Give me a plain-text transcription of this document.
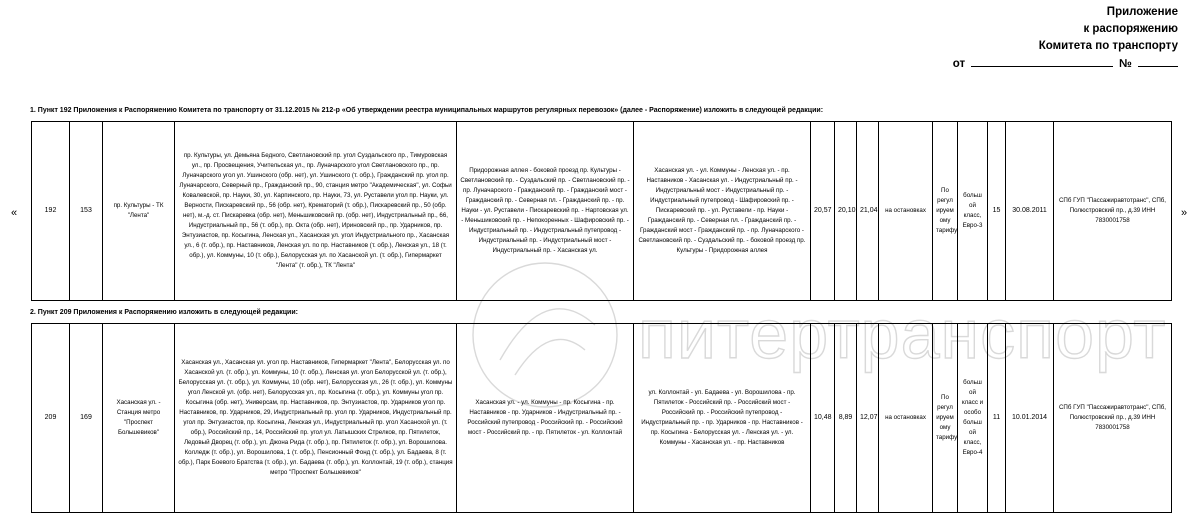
Приложение
к распоряжению
Комитета по транспорту
от	№
питертранспорт
1. Пункт 192 Приложения к Распоряжению Комитета по транспорту от 31.12.2015 № 212-р «Об утверждении реестра муниципальных маршрутов регулярных перевозок» (далее - Распоряжение) изложить в следующей редакции:
«	»
192	153	пр. Культуры - ТК "Лента"	пр. Культуры, ул. Демьяна Бедного, Светлановский пр. угол Суздальского пр., Тимуровская ул., пр. Просвещения, Учительская ул., пр. Луначарского угол Светлановского пр., пр. Луначарского угол ул. Ушинского (обр. нет), ул. Ушинского (т. обр.), Гражданский пр. угол пр. Луначарского, Северный пр., Гражданский пр., 90, станция метро "Академическая", ул. Софьи Ковалевской, пр. Науки, 30, ул. Карпинского, пр. Науки, 73, ул. Руставели угол пр. Науки, ул. Верности, Пискаревский пр., 56 (обр. нет), Крематорий (т. обр.), Пискаревский пр., 50 (обр. нет), м.-д. ст. Пискаревка (обр. нет), Меньшиковский пр. (обр. нет), Индустриальный пр., 66, Индустриальный пр., 56 (т. обр.), пр. Окта (обр. нет), Ириновский пр., пр. Ударников, пр. Энтузиастов, пр. Косыгина, Ленская ул., Хасанская ул. угол Индустриального пр., Хасанская ул., 6 (т. обр.), пр. Наставников, Ленская ул. по пр. Наставников (т. обр.), Ленская ул., 18 (т. обр.), ул. Коммуны, 10 (т. обр.), Белорусская ул. по Хасанской ул. (т. обр.), Гипермаркет "Лента" (т. обр.), ТК "Лента"	Придорожная аллея - боковой проезд пр. Культуры - Светлановский пр. - Суздальский пр. - Светлановский пр. - пр. Луначарского - Гражданский пр. - Гражданский мост - Гражданский пр. - Северная пл. - Гражданский пр. - пр. Науки - ул. Руставели - Пискаревский пр. - Нартовская ул. - Меньшиковский пр. - Непокоренных - Шафировский пр. - Индустриальный пр. - Индустриальный путепровод - Индустриальный пр. - Индустриальный мост - Индустриальный пр. - Хасанская ул.	Хасанская ул. - ул. Коммуны - Ленская ул. - пр. Наставников - Хасанская ул. - Индустриальный пр. - Индустриальный мост - Индустриальный пр. - Индустриальный путепровод - Шафировский пр. - Пискаревский пр. - ул. Руставели - пр. Науки - Гражданский пр. - Северная пл. - Гражданский пр. - Гражданский мост - Гражданский пр. - пр. Луначарского - Светлановский пр. - Суздальский пр. - боковой проезд пр. Культуры - Придорожная аллея	20,57	20,10	21,04	на остановках	По регул ируем ому тарифу	больш ой класс, Евро-3	15	30.08.2011	СПб ГУП "Пассажиравтотранс", СПб, Полюстровский пр., д.39 ИНН 7830001758
2. Пункт 209 Приложения к Распоряжению изложить в следующей редакции:
209	169	Хасанская ул. - Станция метро "Проспект Большевиков"	Хасанская ул., Хасанская ул. угол пр. Наставников, Гипермаркет "Лента", Белорусская ул. по Хасанской ул. (т. обр.), ул. Коммуны, 10 (т. обр.), Ленская ул. угол Белорусской ул. (т. обр.), Белорусская ул. (т. обр.), ул. Коммуны, 10 (обр. нет), Белорусская ул., 26 (т. обр.), ул. Коммуны угол Ленской ул. (обр. нет), Белорусская ул., пр. Косыгина (т. обр.), ул. Коммуны угол пр. Косыгина (обр. нет), Универсам, пр. Наставников, пр. Энтузиастов, пр. Ударников угол пр. Наставников, пр. Ударников, 29, Индустриальный пр. угол пр. Ударников, Индустриальный пр. угол пр. Энтузиастов, пр. Косыгина, Ленская ул., Индустриальный пр. угол Хасанской ул. (т. обр.), Российский пр., 14, Российский пр. угол ул. Латышских Стрелков, пр. Пятилеток, Ледовый Дворец (т. обр.), ул. Джона Рида (т. обр.), пр. Пятилеток (т. обр.), ул. Ворошилова. Колледж (т. обр.), ул. Ворошилова, 1 (т. обр.), Пенсионный Фонд (т. обр.), ул. Бадаева, 8 (т. обр.), Парк Боевого Братства (т. обр.), ул. Бадаева (т. обр.), ул. Коллонтай, 19 (т. обр.), станция метро "Проспект Большевиков"	Хасанская ул. - ул. Коммуны - пр. Косыгина - пр. Наставников - пр. Ударников - Индустриальный пр. - Российский путепровод - Российский пр. - Российский мост - Российский пр. - пр. Пятилеток - ул. Коллонтай	ул. Коллонтай - ул. Бадаева - ул. Ворошилова - пр. Пятилеток - Российский пр. - Российский мост - Российский пр. - Российский путепровод - Индустриальный пр. - пр. Ударников - пр. Наставников - пр. Косыгина - Белорусская ул. - Ленская ул. - ул. Коммуны - Хасанская ул. - пр. Наставников	10,48	8,89	12,07	на остановках	По регул ируем ому тарифу	больш ой класс и особо больш ой класс, Евро-4	11	10.01.2014	СПб ГУП "Пассажиравтотранс", СПб, Полюстровский пр., д.39 ИНН 7830001758
